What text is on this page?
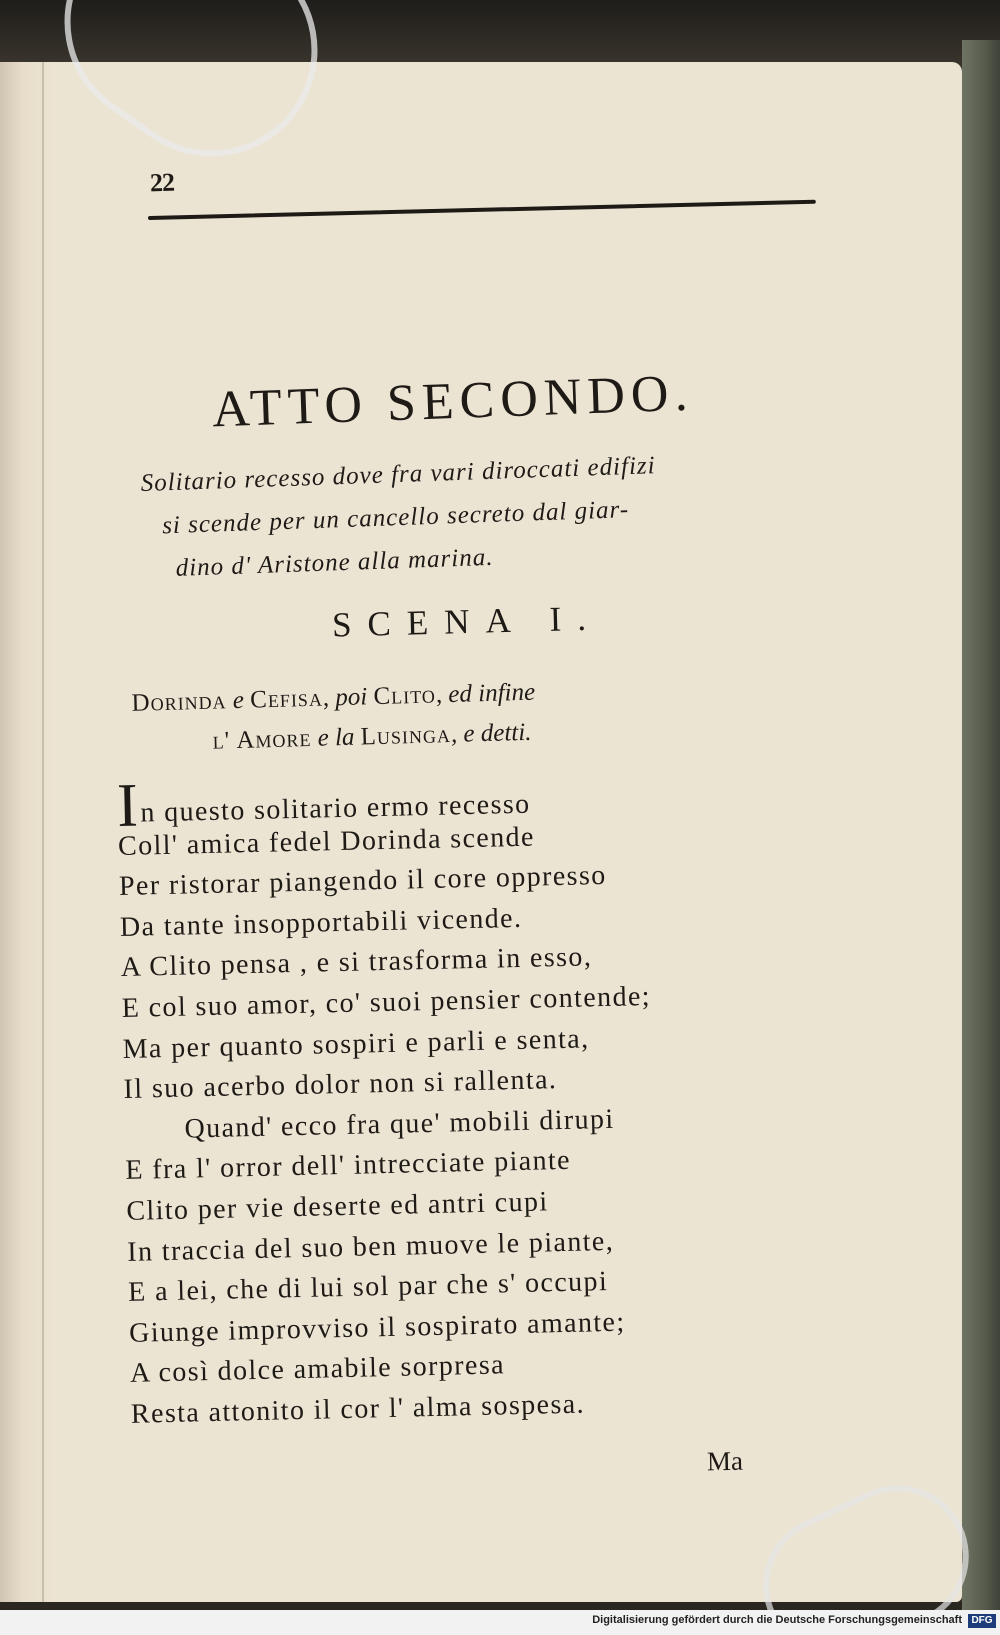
22
ATTO SECONDO.
Solitario recesso dove fra vari diroccati edifizi
si scende per un cancello secreto dal giar-
dino d' Aristone alla marina.
SCENA I.
Dorinda e Cefisa, poi Clito, ed infine
l' Amore e la Lusinga, e detti.
In questo solitario ermo recesso
Coll' amica fedel Dorinda scende
Per ristorar piangendo il core oppresso
Da tante insopportabili vicende.
A Clito pensa , e si trasforma in esso,
E col suo amor, co' suoi pensier contende;
Ma per quanto sospiri e parli e senta,
Il suo acerbo dolor non si rallenta.
Quand' ecco fra que' mobili dirupi
E fra l' orror dell' intrecciate piante
Clito per vie deserte ed antri cupi
In traccia del suo ben muove le piante,
E a lei, che di lui sol par che s' occupi
Giunge improvviso il sospirato amante;
A così dolce amabile sorpresa
Resta attonito il cor l' alma sospesa.
Ma
Digitalisierung gefördert durch die Deutsche Forschungsgemeinschaft DFG
